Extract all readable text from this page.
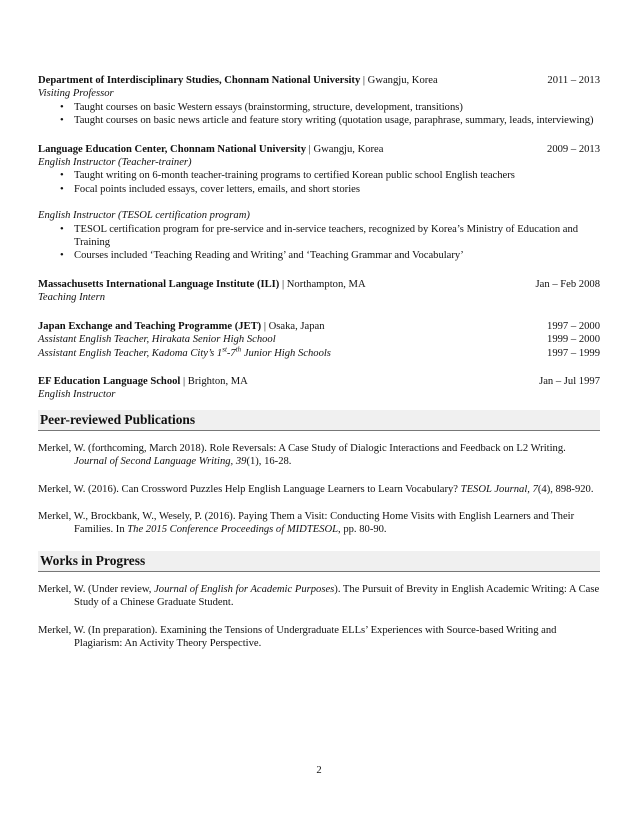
Department of Interdisciplinary Studies, Chonnam National University | Gwangju, Korea	2011 – 2013
Visiting Professor
• Taught courses on basic Western essays (brainstorming, structure, development, transitions)
• Taught courses on basic news article and feature story writing (quotation usage, paraphrase, summary, leads, interviewing)
Language Education Center, Chonnam National University | Gwangju, Korea	2009 – 2013
English Instructor (Teacher-trainer)
• Taught writing on 6-month teacher-training programs to certified Korean public school English teachers
• Focal points included essays, cover letters, emails, and short stories
English Instructor (TESOL certification program)
• TESOL certification program for pre-service and in-service teachers, recognized by Korea’s Ministry of Education and Training
• Courses included ‘Teaching Reading and Writing’ and ‘Teaching Grammar and Vocabulary’
Massachusetts International Language Institute (ILI) | Northampton, MA	Jan – Feb 2008
Teaching Intern
Japan Exchange and Teaching Programme (JET) | Osaka, Japan	1997 – 2000
Assistant English Teacher, Hirakata Senior High School	1999 – 2000
Assistant English Teacher, Kadoma City’s 1st-7th Junior High Schools	1997 – 1999
EF Education Language School | Brighton, MA	Jan – Jul 1997
English Instructor
Peer-reviewed Publications
Merkel, W. (forthcoming, March 2018). Role Reversals: A Case Study of Dialogic Interactions and Feedback on L2 Writing. Journal of Second Language Writing, 39(1), 16-28.
Merkel, W. (2016). Can Crossword Puzzles Help English Language Learners to Learn Vocabulary? TESOL Journal, 7(4), 898-920.
Merkel, W., Brockbank, W., Wesely, P. (2016). Paying Them a Visit: Conducting Home Visits with English Learners and Their Families. In The 2015 Conference Proceedings of MIDTESOL, pp. 80-90.
Works in Progress
Merkel, W. (Under review, Journal of English for Academic Purposes). The Pursuit of Brevity in English Academic Writing: A Case Study of a Chinese Graduate Student.
Merkel, W. (In preparation). Examining the Tensions of Undergraduate ELLs’ Experiences with Source-based Writing and Plagiarism: An Activity Theory Perspective.
2
